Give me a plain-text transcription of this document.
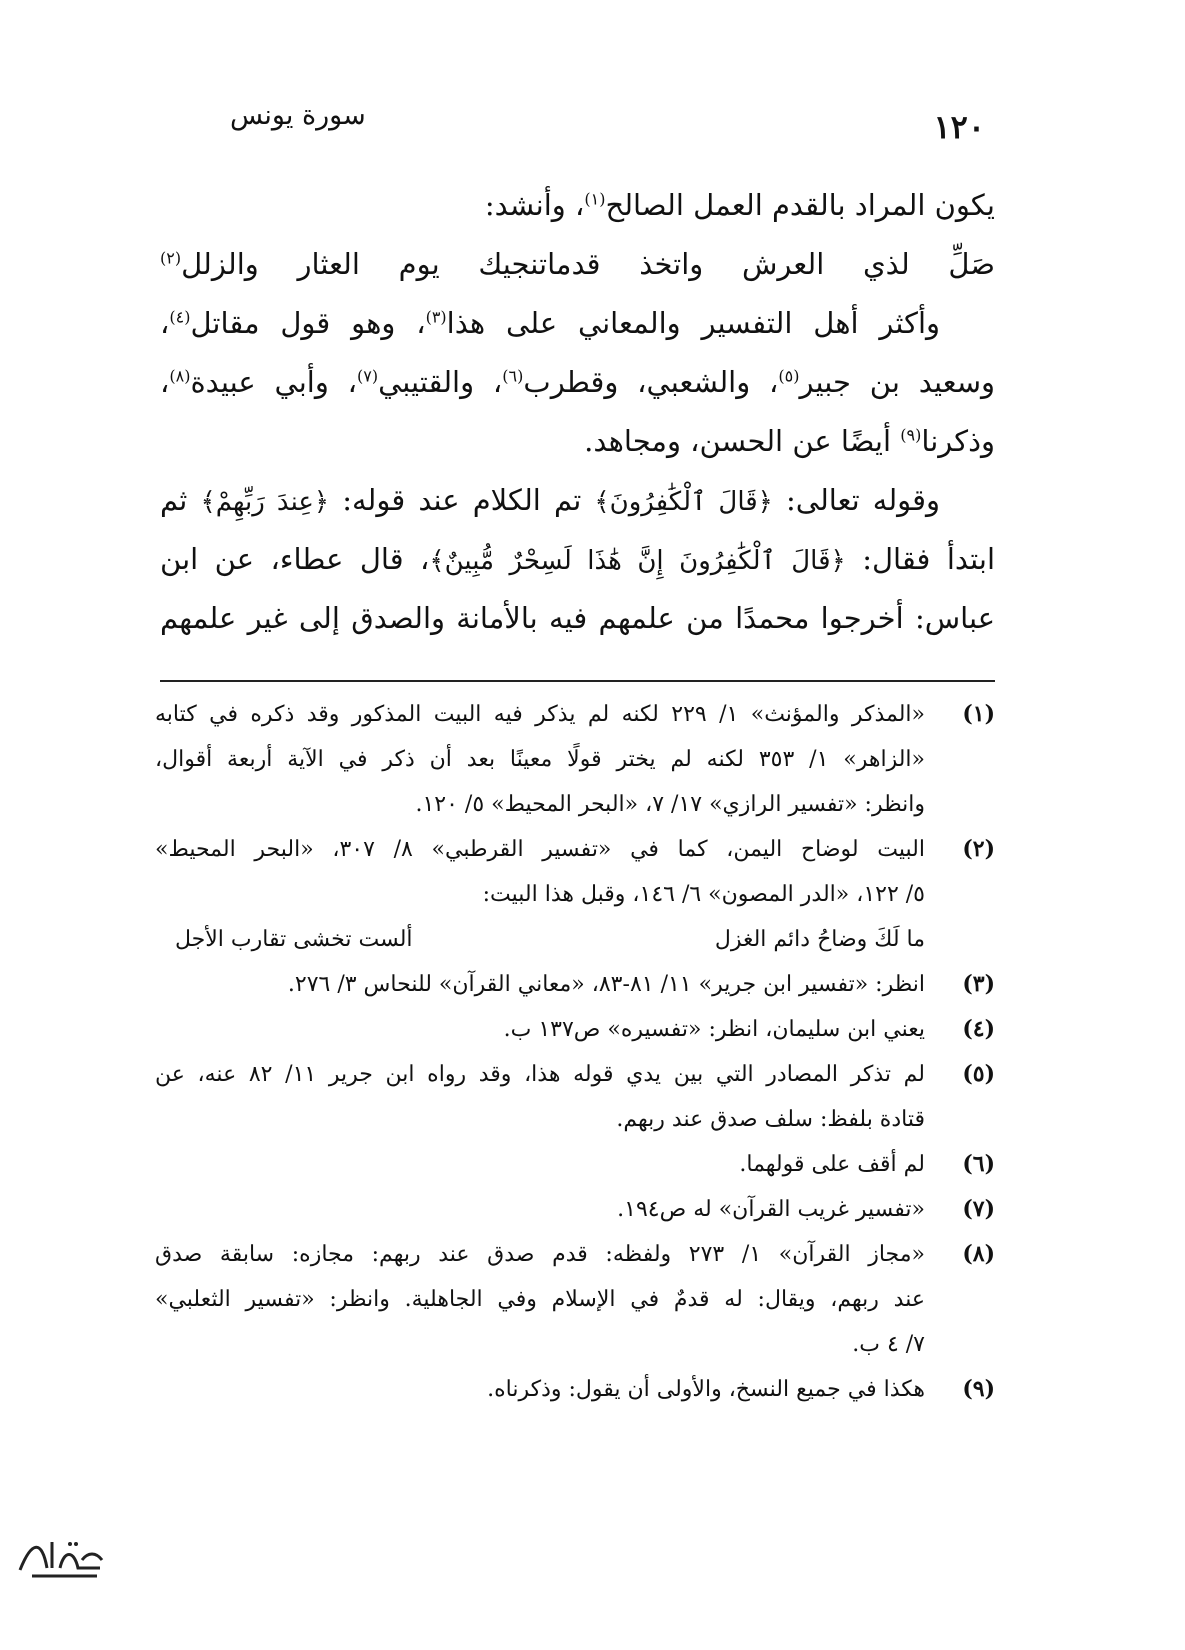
سورة يونس	١٢٠
يكون المراد بالقدم العمل الصالح$^{(١)}$، وأنشد:
صَلِّ لذي العرش واتخذ قدماتنجيك يوم العثار والزلل$^{(٢)}$
وأكثر أهل التفسير والمعاني على هذا$^{(٣)}$، وهو قول مقاتل$^{(٤)}$،
وسعيد بن جبير$^{(٥)}$، والشعبي، وقطرب$^{(٦)}$، والقتيبي$^{(٧)}$، وأبي عبيدة$^{(٨)}$،
وذكرنا$^{(٩)}$ أيضًا عن الحسن، ومجاهد.
وقوله تعالى: ﴿قَالَ ٱلْكَٰفِرُونَ﴾ تم الكلام عند قوله: ﴿عِندَ رَبِّهِمْ﴾ ثم
ابتدأ فقال: ﴿قَالَ ٱلْكَٰفِرُونَ إِنَّ هَٰذَا لَسِحْرٌ مُّبِينٌ﴾، قال عطاء، عن ابن
عباس: أخرجوا محمدًا من علمهم فيه بالأمانة والصدق إلى غير علمهم
(١)
«المذكر والمؤنث» ١/ ٢٢٩ لكنه لم يذكر فيه البيت المذكور وقد ذكره في كتابه
«الزاهر» ١/ ٣٥٣ لكنه لم يختر قولًا معينًا بعد أن ذكر في الآية أربعة أقوال،
وانظر: «تفسير الرازي» ١٧/ ٧، «البحر المحيط» ٥/ ١٢٠.
(٢)
البيت لوضاح اليمن، كما في «تفسير القرطبي» ٨/ ٣٠٧، «البحر المحيط»
٥/ ١٢٢، «الدر المصون» ٦/ ١٤٦، وقبل هذا البيت:
ما لَكَ وضاحُ دائم الغزل
ألست تخشى تقارب الأجل
(٣)
انظر: «تفسير ابن جرير» ١١/ ٨١-٨٣، «معاني القرآن» للنحاس ٣/ ٢٧٦.
(٤)
يعني ابن سليمان، انظر: «تفسيره» ص١٣٧ ب.
(٥)
لم تذكر المصادر التي بين يدي قوله هذا، وقد رواه ابن جرير ١١/ ٨٢ عنه، عن
قتادة بلفظ: سلف صدق عند ربهم.
(٦)
لم أقف على قولهما.
(٧)
«تفسير غريب القرآن» له ص١٩٤.
(٨)
«مجاز القرآن» ١/ ٢٧٣ ولفظه: قدم صدق عند ربهم: مجازه: سابقة صدق
عند ربهم، ويقال: له قدمٌ في الإسلام وفي الجاهلية. وانظر: «تفسير الثعلبي»
٧/ ٤ ب.
(٩)
هكذا في جميع النسخ، والأولى أن يقول: وذكرناه.
